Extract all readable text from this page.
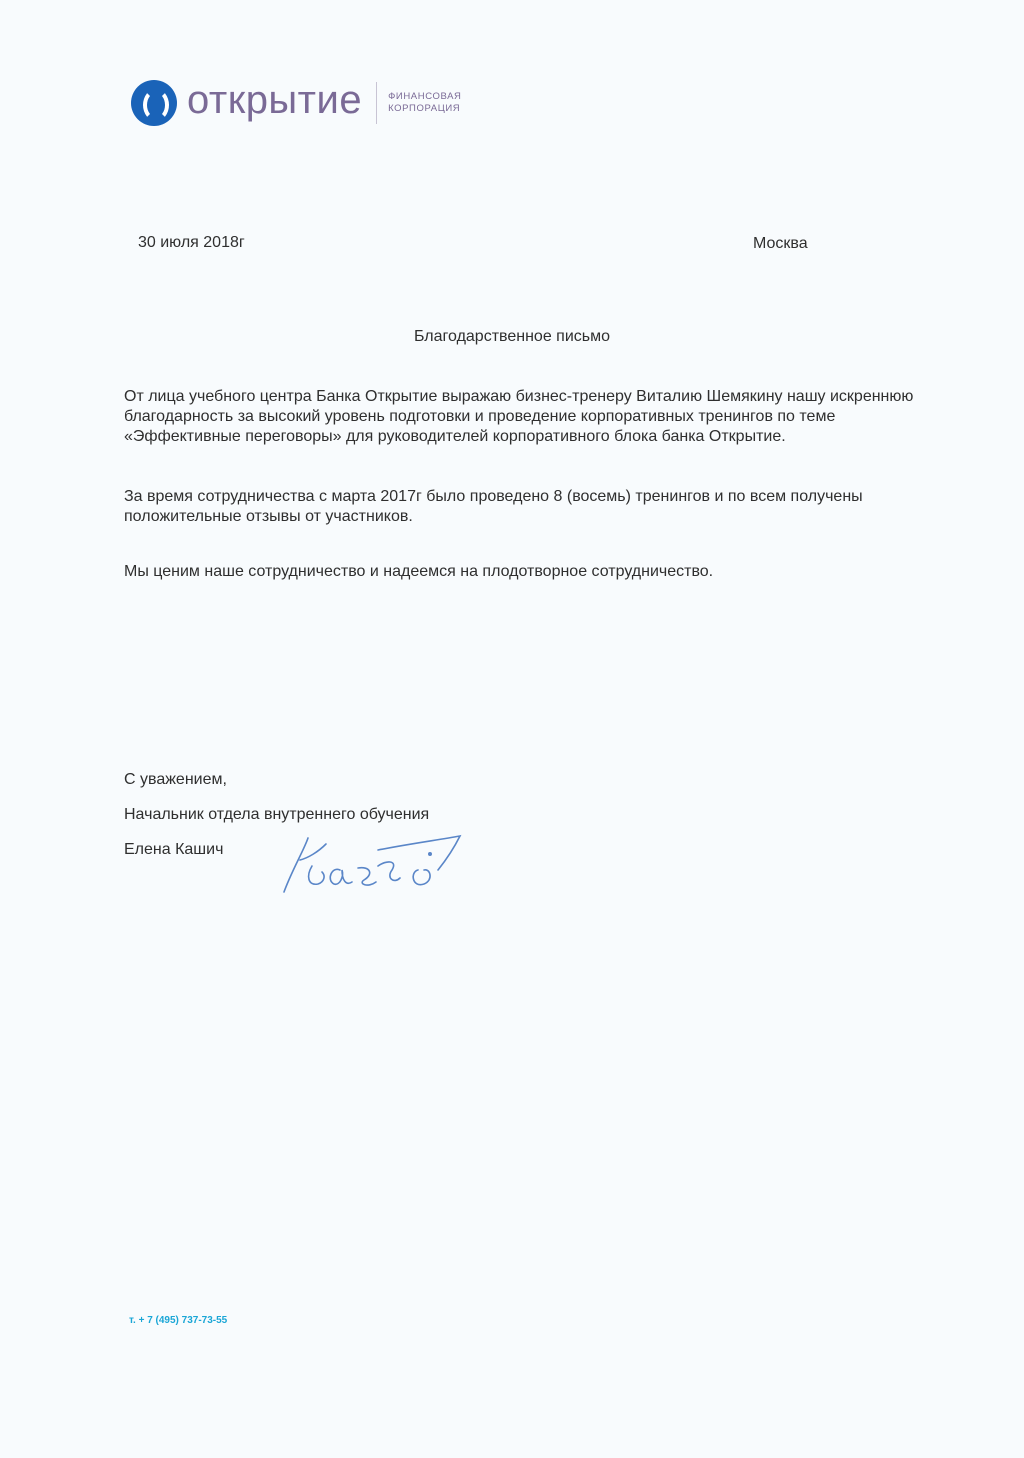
открытие	ФИНАНСОВАЯ
КОРПОРАЦИЯ
30 июля 2018г	Москва
Благодарственное письмо
От лица учебного центра Банка Открытие выражаю бизнес-тренеру Виталию Шемякину нашу искреннюю благодарность за высокий уровень подготовки и проведение корпоративных тренингов по теме «Эффективные переговоры» для руководителей корпоративного блока банка Открытие.
За время сотрудничества с марта 2017г было проведено 8 (восемь) тренингов и по всем получены положительные отзывы от участников.
Мы ценим наше сотрудничество и надеемся на плодотворное сотрудничество.
С уважением,
Начальник отдела внутреннего обучения
Елена Кашич
т. + 7 (495) 737-73-55
